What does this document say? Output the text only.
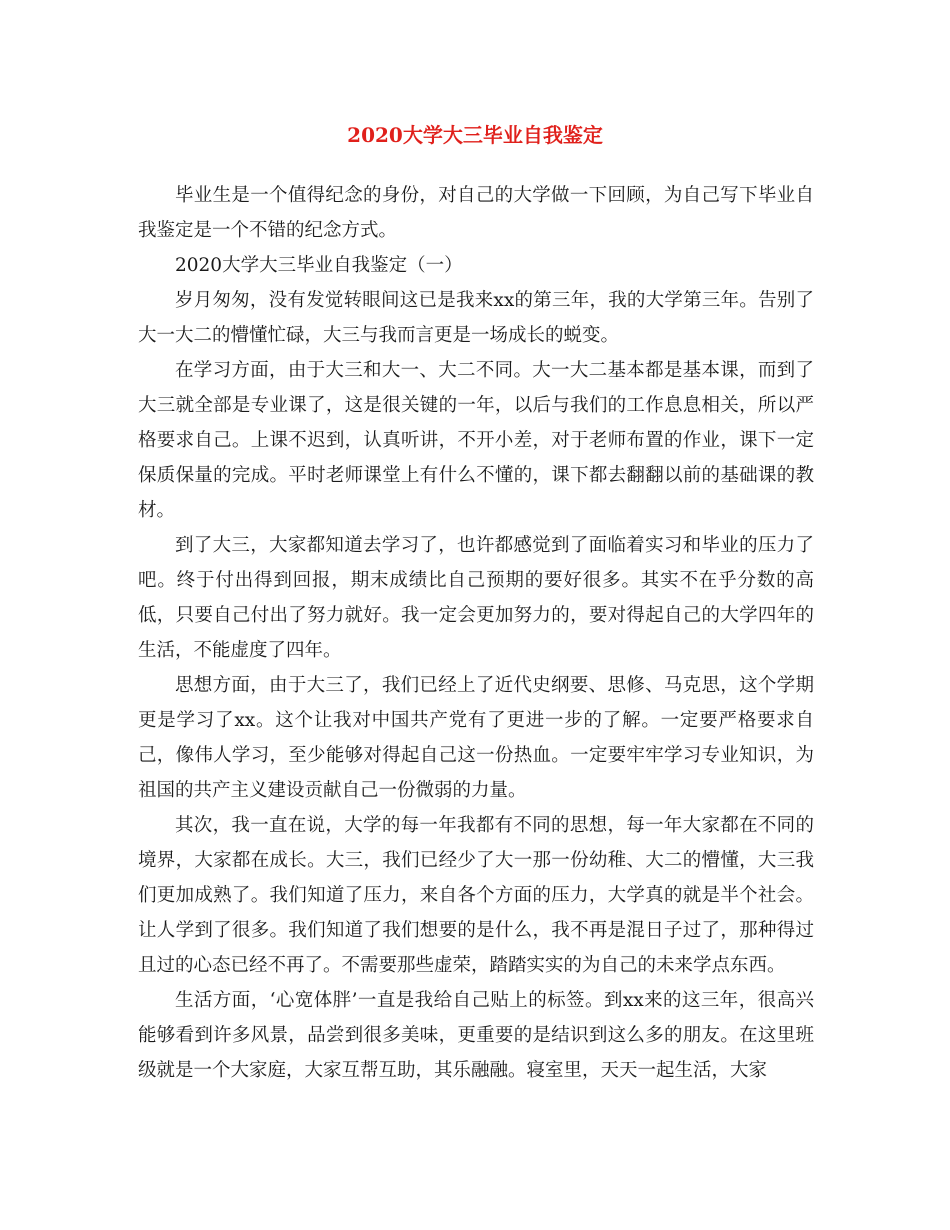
2020大学大三毕业自我鉴定

毕业生是一个值得纪念的身份，对自己的大学做一下回顾，为自己写下毕业自我鉴定是一个不错的纪念方式。

2020大学大三毕业自我鉴定（一）

岁月匆匆，没有发觉转眼间这已是我来xx的第三年，我的大学第三年。告别了大一大二的懵懂忙碌，大三与我而言更是一场成长的蜕变。

在学习方面，由于大三和大一、大二不同。大一大二基本都是基本课，而到了大三就全部是专业课了，这是很关键的一年，以后与我们的工作息息相关，所以严格要求自己。上课不迟到，认真听讲，不开小差，对于老师布置的作业，课下一定保质保量的完成。平时老师课堂上有什么不懂的，课下都去翻翻以前的基础课的教材。

到了大三，大家都知道去学习了，也许都感觉到了面临着实习和毕业的压力了吧。终于付出得到回报，期末成绩比自己预期的要好很多。其实不在乎分数的高低，只要自己付出了努力就好。我一定会更加努力的，要对得起自己的大学四年的生活，不能虚度了四年。

思想方面，由于大三了，我们已经上了近代史纲要、思修、马克思，这个学期更是学习了xx。这个让我对中国共产党有了更进一步的了解。一定要严格要求自己，像伟人学习，至少能够对得起自己这一份热血。一定要牢牢学习专业知识，为祖国的共产主义建设贡献自己一份微弱的力量。

其次，我一直在说，大学的每一年我都有不同的思想，每一年大家都在不同的境界，大家都在成长。大三，我们已经少了大一那一份幼稚、大二的懵懂，大三我们更加成熟了。我们知道了压力，来自各个方面的压力，大学真的就是半个社会。让人学到了很多。我们知道了我们想要的是什么，我不再是混日子过了，那种得过且过的心态已经不再了。不需要那些虚荣，踏踏实实的为自己的未来学点东西。

生活方面，‘心宽体胖’一直是我给自己贴上的标签。到xx来的这三年，很高兴能够看到许多风景，品尝到很多美味，更重要的是结识到这么多的朋友。在这里班级就是一个大家庭，大家互帮互助，其乐融融。寝室里，天天一起生活，大家
